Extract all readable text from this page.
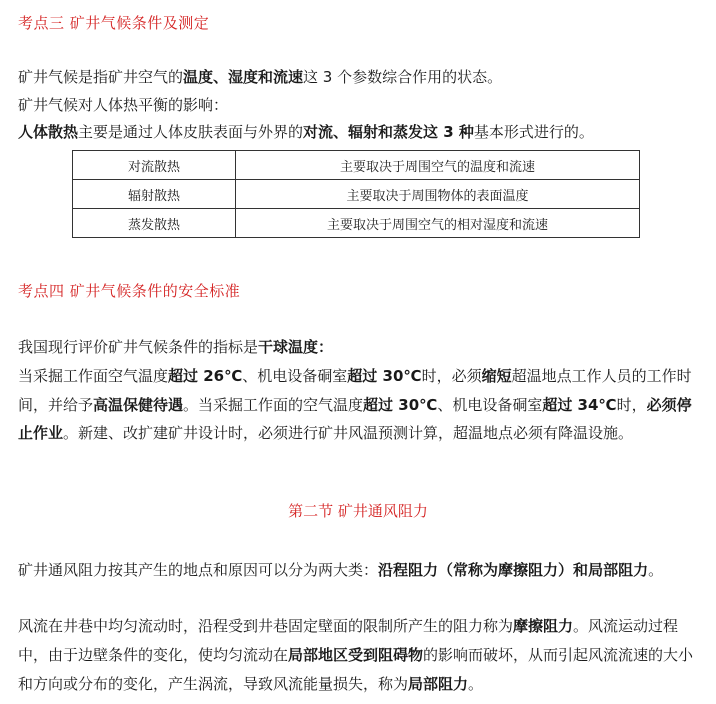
考点三 矿井气候条件及测定
矿井气候是指矿井空气的温度、湿度和流速这 3 个参数综合作用的状态。
矿井气候对人体热平衡的影响：
人体散热主要是通过人体皮肤表面与外界的对流、辐射和蒸发这 3 种基本形式进行的。
对流散热	主要取决于周围空气的温度和流速
辐射散热	主要取决于周围物体的表面温度
蒸发散热	主要取决于周围空气的相对湿度和流速
考点四 矿井气候条件的安全标准
我国现行评价矿井气候条件的指标是干球温度：
当采掘工作面空气温度超过 26℃、机电设备硐室超过 30℃时，必须缩短超温地点工作人员的工作时间，并给予高温保健待遇。当采掘工作面的空气温度超过 30℃、机电设备硐室超过 34℃时，必须停止作业。新建、改扩建矿井设计时，必须进行矿井风温预测计算，超温地点必须有降温设施。
第二节 矿井通风阻力
矿井通风阻力按其产生的地点和原因可以分为两大类：沿程阻力（常称为摩擦阻力）和局部阻力。
风流在井巷中均匀流动时，沿程受到井巷固定壁面的限制所产生的阻力称为摩擦阻力。风流运动过程中，由于边壁条件的变化，使均匀流动在局部地区受到阻碍物的影响而破坏，从而引起风流流速的大小和方向或分布的变化，产生涡流，导致风流能量损失，称为局部阻力。
